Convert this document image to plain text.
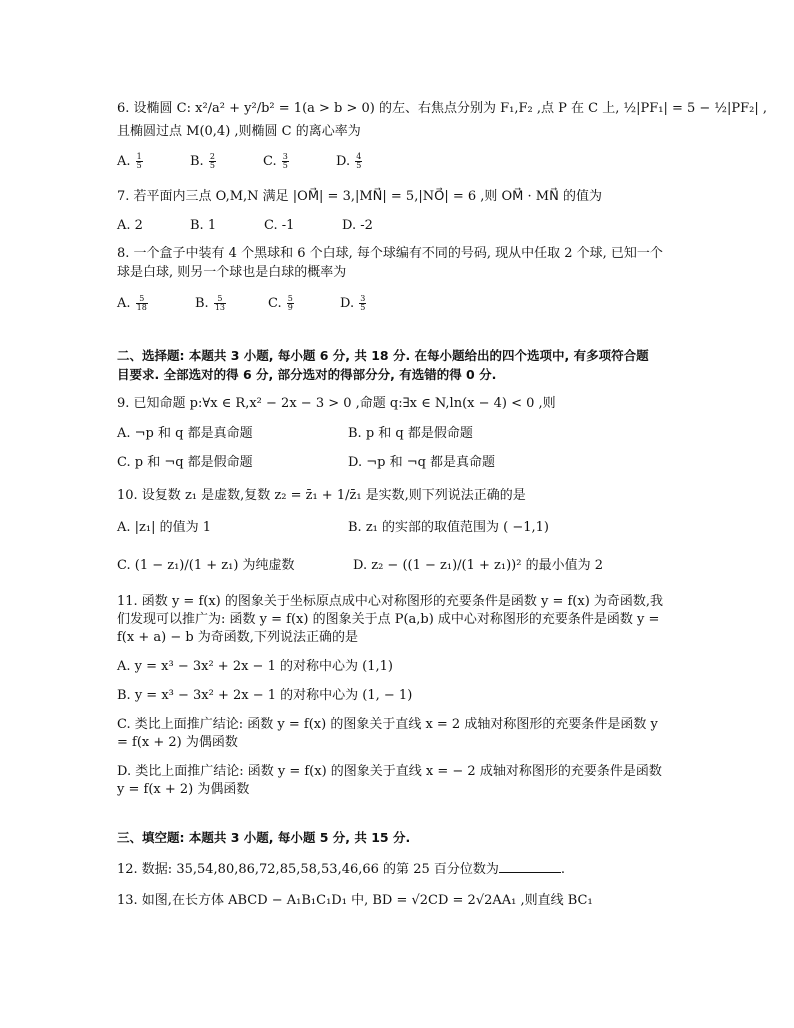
6. 设椭圆 C: x²/a² + y²/b² = 1(a > b > 0) 的左、右焦点分别为 F₁,F₂ ,点 P 在 C 上, ½|PF₁| = 5 − ½|PF₂| ,
且椭圆过点 M(0,4) ,则椭圆 C 的离心率为
A. $\frac{1}{5}$	B. $\frac{2}{5}$	C. $\frac{3}{5}$	D. $\frac{4}{5}$
7. 若平面内三点 O,M,N 满足 |OM⃗| = 3,|MN⃗| = 5,|NO⃗| = 6 ,则 OM⃗ · MN⃗ 的值为
A. 2	B. 1	C. -1	D. -2
8. 一个盒子中装有 4 个黑球和 6 个白球, 每个球编有不同的号码, 现从中任取 2 个球, 已知一个
球是白球, 则另一个球也是白球的概率为
A. $\frac{5}{18}$	B. $\frac{5}{13}$	C. $\frac{5}{9}$	D. $\frac{3}{5}$
二、选择题: 本题共 3 小题, 每小题 6 分, 共 18 分. 在每小题给出的四个选项中, 有多项符合题
目要求. 全部选对的得 6 分, 部分选对的得部分分, 有选错的得 0 分.
9. 已知命题 p:∀x ∈ R,x² − 2x − 3 > 0 ,命题 q:∃x ∈ N,ln(x − 4) < 0 ,则
A. ¬p 和 q 都是真命题	B. p 和 q 都是假命题
C. p 和 ¬q 都是假命题	D. ¬p 和 ¬q 都是真命题
10. 设复数 z₁ 是虚数,复数 z₂ = z̄₁ + 1/z̄₁ 是实数,则下列说法正确的是
A. |z₁| 的值为 1	B. z₁ 的实部的取值范围为 ( −1,1)
C. (1 − z₁)/(1 + z₁) 为纯虚数	D. z₂ − ((1 − z₁)/(1 + z₁))² 的最小值为 2
11. 函数 y = f(x) 的图象关于坐标原点成中心对称图形的充要条件是函数 y = f(x) 为奇函数,我
们发现可以推广为: 函数 y = f(x) 的图象关于点 P(a,b) 成中心对称图形的充要条件是函数 y =
f(x + a) − b 为奇函数,下列说法正确的是
A. y = x³ − 3x² + 2x − 1 的对称中心为 (1,1)
B. y = x³ − 3x² + 2x − 1 的对称中心为 (1, − 1)
C. 类比上面推广结论: 函数 y = f(x) 的图象关于直线 x = 2 成轴对称图形的充要条件是函数 y
= f(x + 2) 为偶函数
D. 类比上面推广结论: 函数 y = f(x) 的图象关于直线 x = − 2 成轴对称图形的充要条件是函数
y = f(x + 2) 为偶函数
三、填空题: 本题共 3 小题, 每小题 5 分, 共 15 分.
12. 数据: 35,54,80,86,72,85,58,53,46,66 的第 25 百分位数为	.
13. 如图,在长方体 ABCD − A₁B₁C₁D₁ 中, BD = √2CD = 2√2AA₁ ,则直线 BC₁
